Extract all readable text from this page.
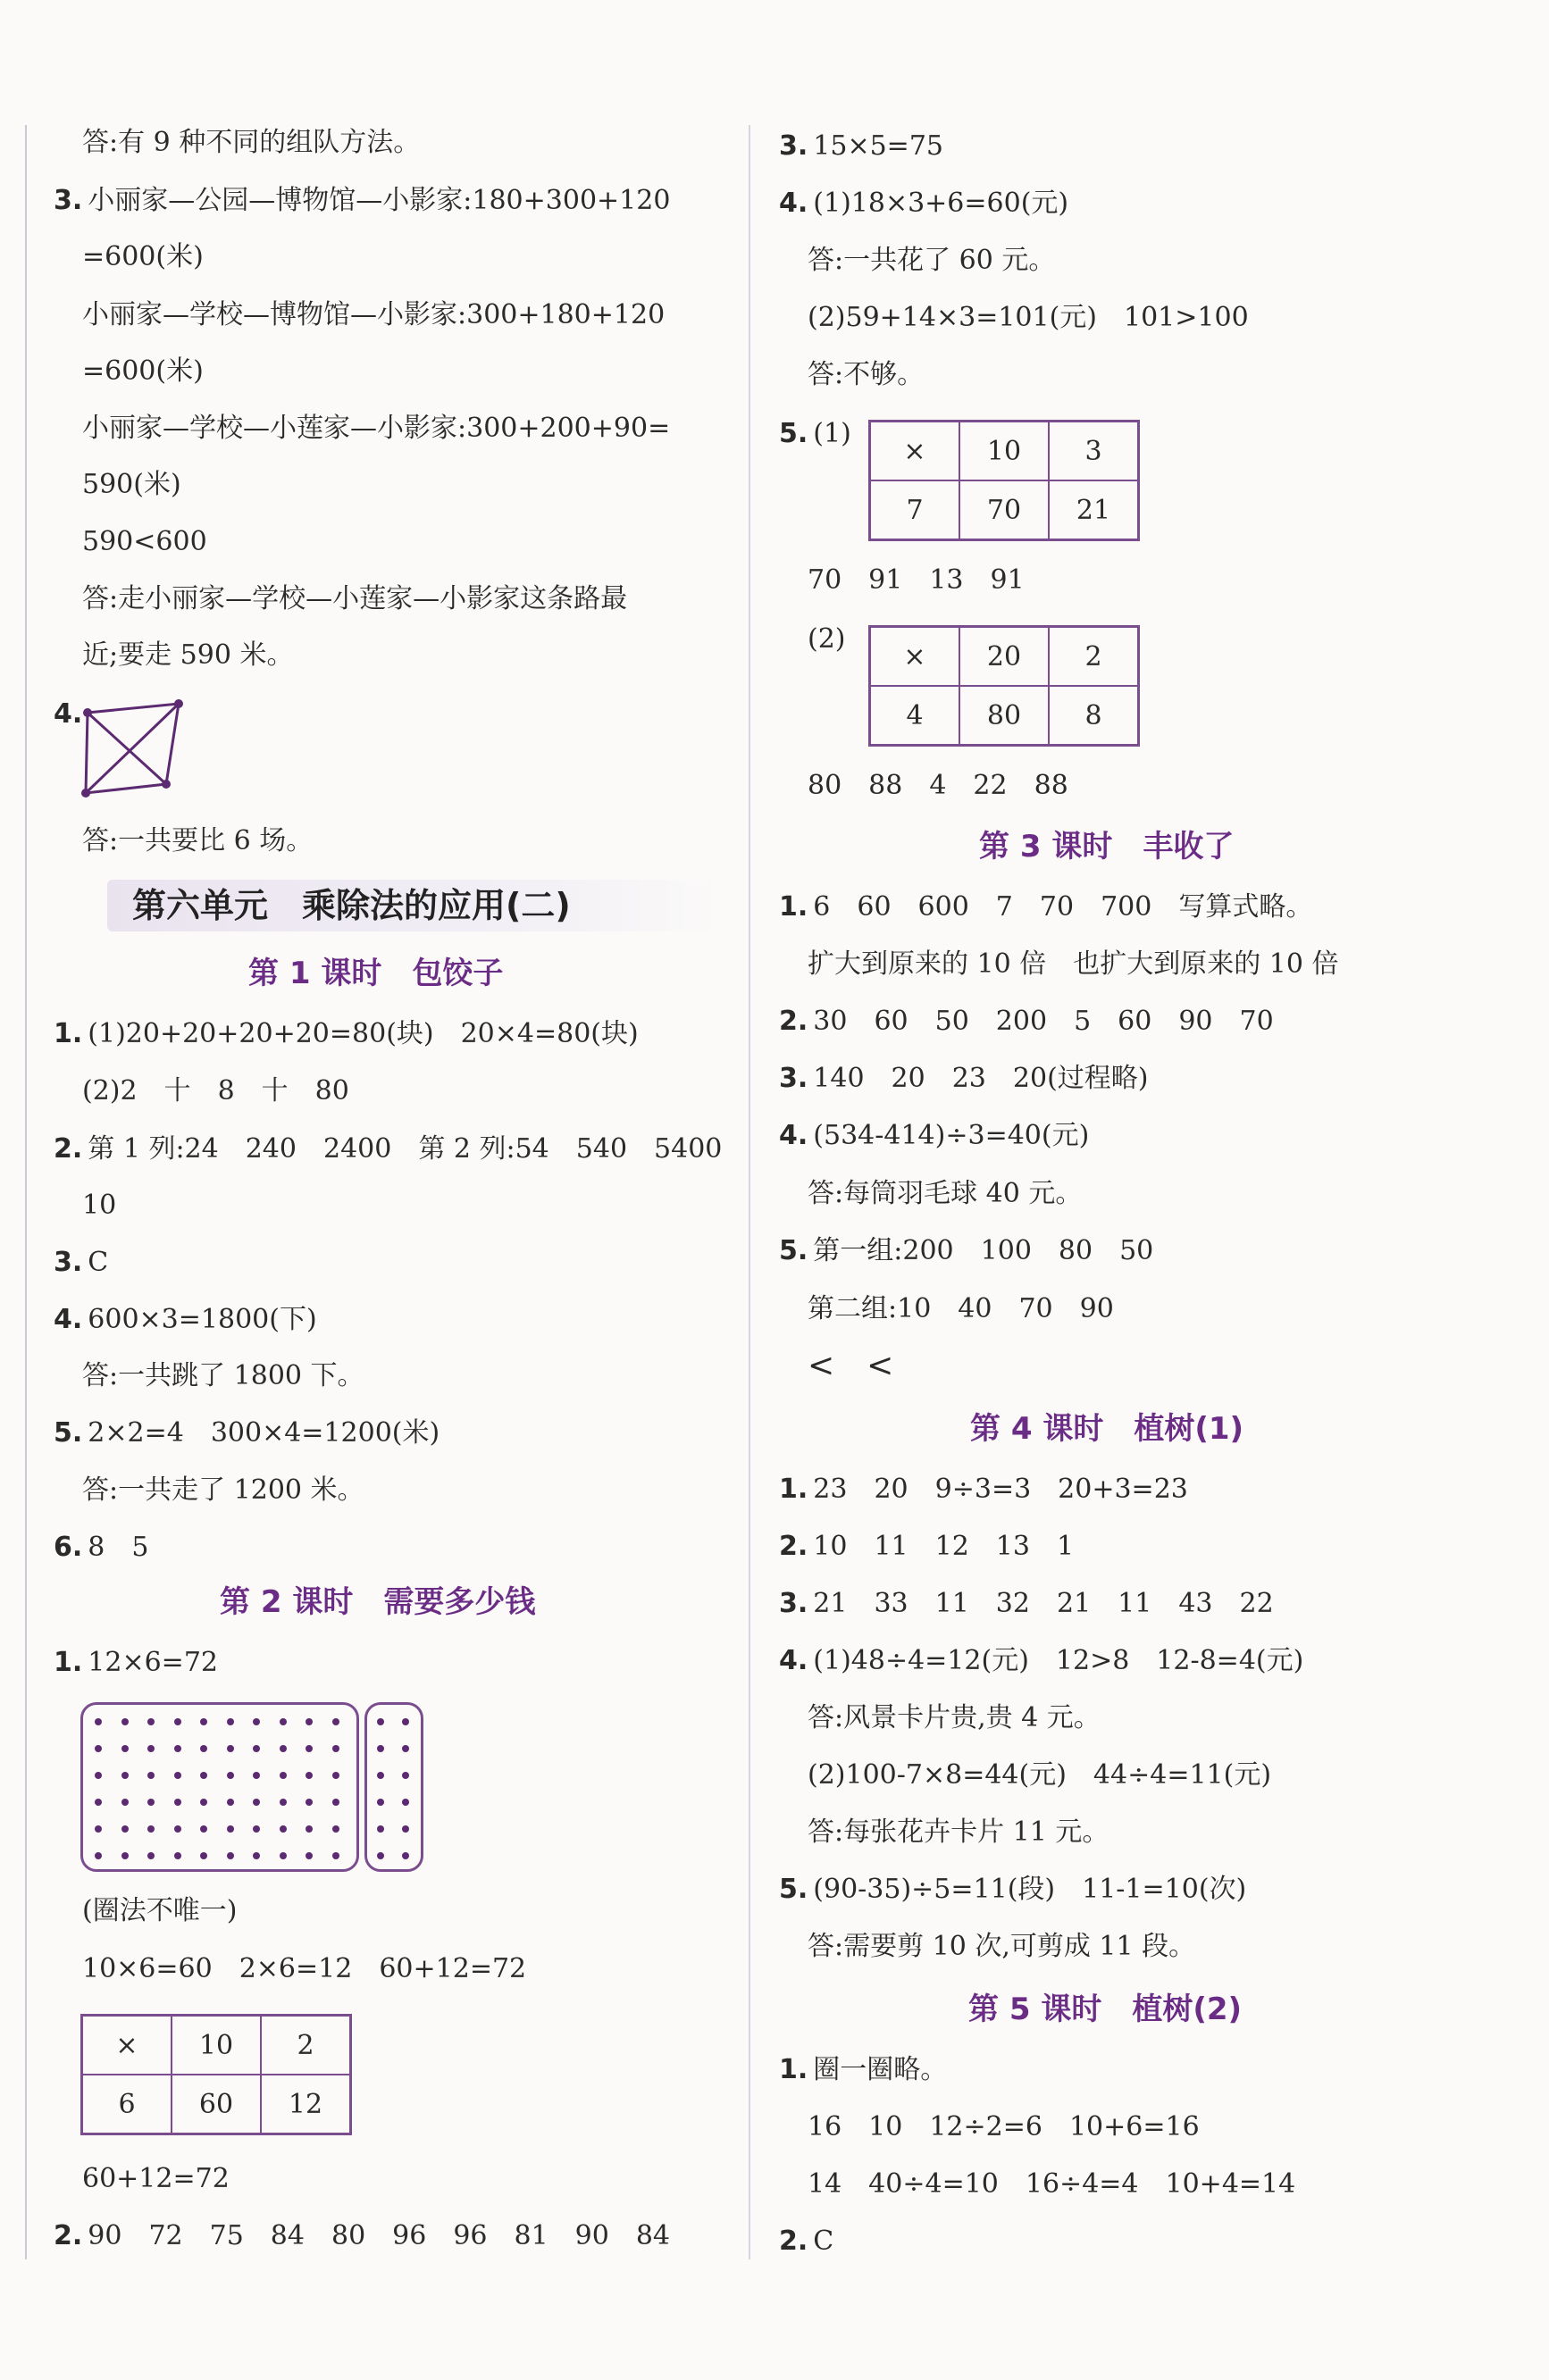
答:有 9 种不同的组队方法。
3. 小丽家—公园—博物馆—小影家:180+300+120
=600(米)
小丽家—学校—博物馆—小影家:300+180+120
=600(米)
小丽家—学校—小莲家—小影家:300+200+90=
590(米)
590<600
答:走小丽家—学校—小莲家—小影家这条路最
近;要走 590 米。
4.
答:一共要比 6 场。
第六单元　乘除法的应用(二)
第 1 课时　包饺子
1. (1)20+20+20+20=80(块)　20×4=80(块)
(2)2　十　8　十　80
2. 第 1 列:24　240　2400　第 2 列:54　540　5400
10
3. C
4. 600×3=1800(下)
答:一共跳了 1800 下。
5. 2×2=4　300×4=1200(米)
答:一共走了 1200 米。
6. 8　5
第 2 课时　需要多少钱
1. 12×6=72
(圈法不唯一)
10×6=60　2×6=12　60+12=72
×	10	2
6	60	12
60+12=72
2. 90　72　75　84　80　96　96　81　90　84
3. 15×5=75
4. (1)18×3+6=60(元)
答:一共花了 60 元。
(2)59+14×3=101(元)　101>100
答:不够。
5. (1)
×	10	3
7	70	21
70　91　13　91
(2)
×	20	2
4	80	8
80　88　4　22　88
第 3 课时　丰收了
1. 6　60　600　7　70　700　写算式略。
扩大到原来的 10 倍　也扩大到原来的 10 倍
2. 30　60　50　200　5　60　90　70
3. 140　20　23　20(过程略)
4. (534-414)÷3=40(元)
答:每筒羽毛球 40 元。
5. 第一组:200　100　80　50
第二组:10　40　70　90
<　<
第 4 课时　植树(1)
1. 23　20　9÷3=3　20+3=23
2. 10　11　12　13　1
3. 21　33　11　32　21　11　43　22
4. (1)48÷4=12(元)　12>8　12-8=4(元)
答:风景卡片贵,贵 4 元。
(2)100-7×8=44(元)　44÷4=11(元)
答:每张花卉卡片 11 元。
5. (90-35)÷5=11(段)　11-1=10(次)
答:需要剪 10 次,可剪成 11 段。
第 5 课时　植树(2)
1. 圈一圈略。
16　10　12÷2=6　10+6=16
14　40÷4=10　16÷4=4　10+4=14
2. C
